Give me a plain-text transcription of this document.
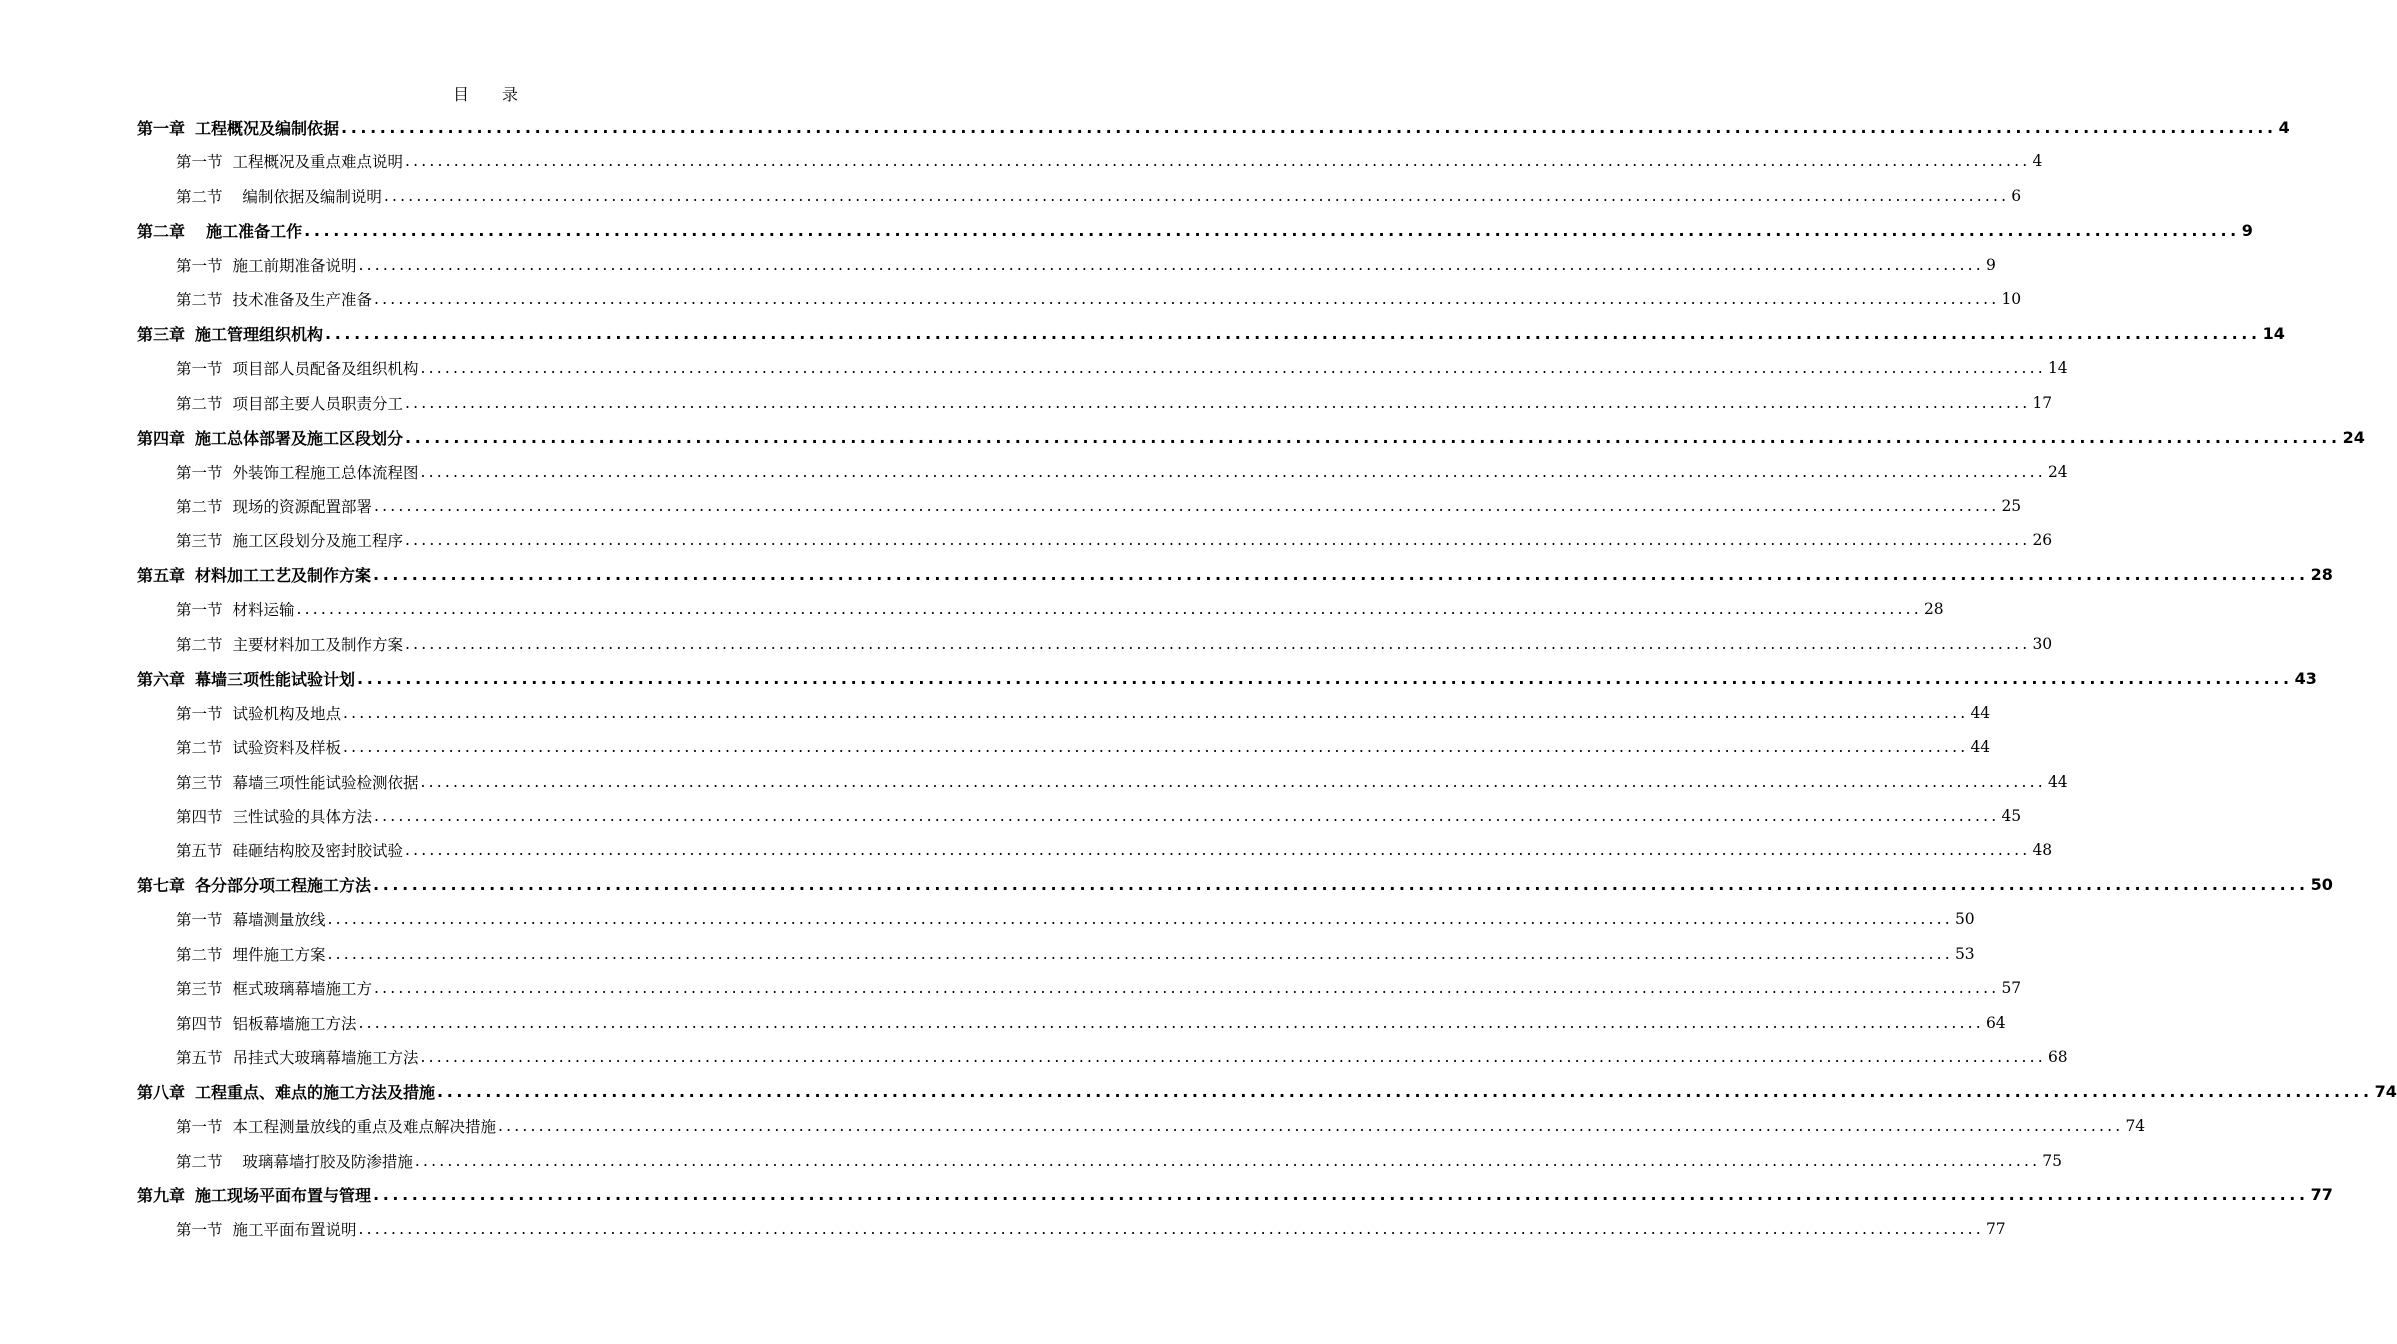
目 录
第一章 工程概况及编制依据 ........................................................................................................................................................................................................ 4
第一节 工程概况及重点难点说明 ........................................................................................................................................................................................................ 4
第二节 编制依据及编制说明 ........................................................................................................................................................................................................ 6
第二章 施工准备工作 ........................................................................................................................................................................................................ 9
第一节 施工前期准备说明 ........................................................................................................................................................................................................ 9
第二节 技术准备及生产准备 ........................................................................................................................................................................................................ 10
第三章 施工管理组织机构 ........................................................................................................................................................................................................ 14
第一节 项目部人员配备及组织机构 ........................................................................................................................................................................................................ 14
第二节 项目部主要人员职责分工 ........................................................................................................................................................................................................ 17
第四章 施工总体部署及施工区段划分 ........................................................................................................................................................................................................ 24
第一节 外装饰工程施工总体流程图 ........................................................................................................................................................................................................ 24
第二节 现场的资源配置部署 ........................................................................................................................................................................................................ 25
第三节 施工区段划分及施工程序 ........................................................................................................................................................................................................ 26
第五章 材料加工工艺及制作方案 ........................................................................................................................................................................................................ 28
第一节 材料运输 ........................................................................................................................................................................................................ 28
第二节 主要材料加工及制作方案 ........................................................................................................................................................................................................ 30
第六章 幕墙三项性能试验计划 ........................................................................................................................................................................................................ 43
第一节 试验机构及地点 ........................................................................................................................................................................................................ 44
第二节 试验资料及样板 ........................................................................................................................................................................................................ 44
第三节 幕墙三项性能试验检测依据 ........................................................................................................................................................................................................ 44
第四节 三性试验的具体方法 ........................................................................................................................................................................................................ 45
第五节 硅砸结构胶及密封胶试验 ........................................................................................................................................................................................................ 48
第七章 各分部分项工程施工方法 ........................................................................................................................................................................................................ 50
第一节 幕墙测量放线 ........................................................................................................................................................................................................ 50
第二节 埋件施工方案 ........................................................................................................................................................................................................ 53
第三节 框式玻璃幕墙施工方 ........................................................................................................................................................................................................ 57
第四节 铝板幕墙施工方法 ........................................................................................................................................................................................................ 64
第五节 吊挂式大玻璃幕墙施工方法 ........................................................................................................................................................................................................ 68
第八章 工程重点、难点的施工方法及措施 ........................................................................................................................................................................................................ 74
第一节 本工程测量放线的重点及难点解决措施 ........................................................................................................................................................................................................ 74
第二节 玻璃幕墙打胶及防渗措施 ........................................................................................................................................................................................................ 75
第九章 施工现场平面布置与管理 ........................................................................................................................................................................................................ 77
第一节 施工平面布置说明 ........................................................................................................................................................................................................ 77
